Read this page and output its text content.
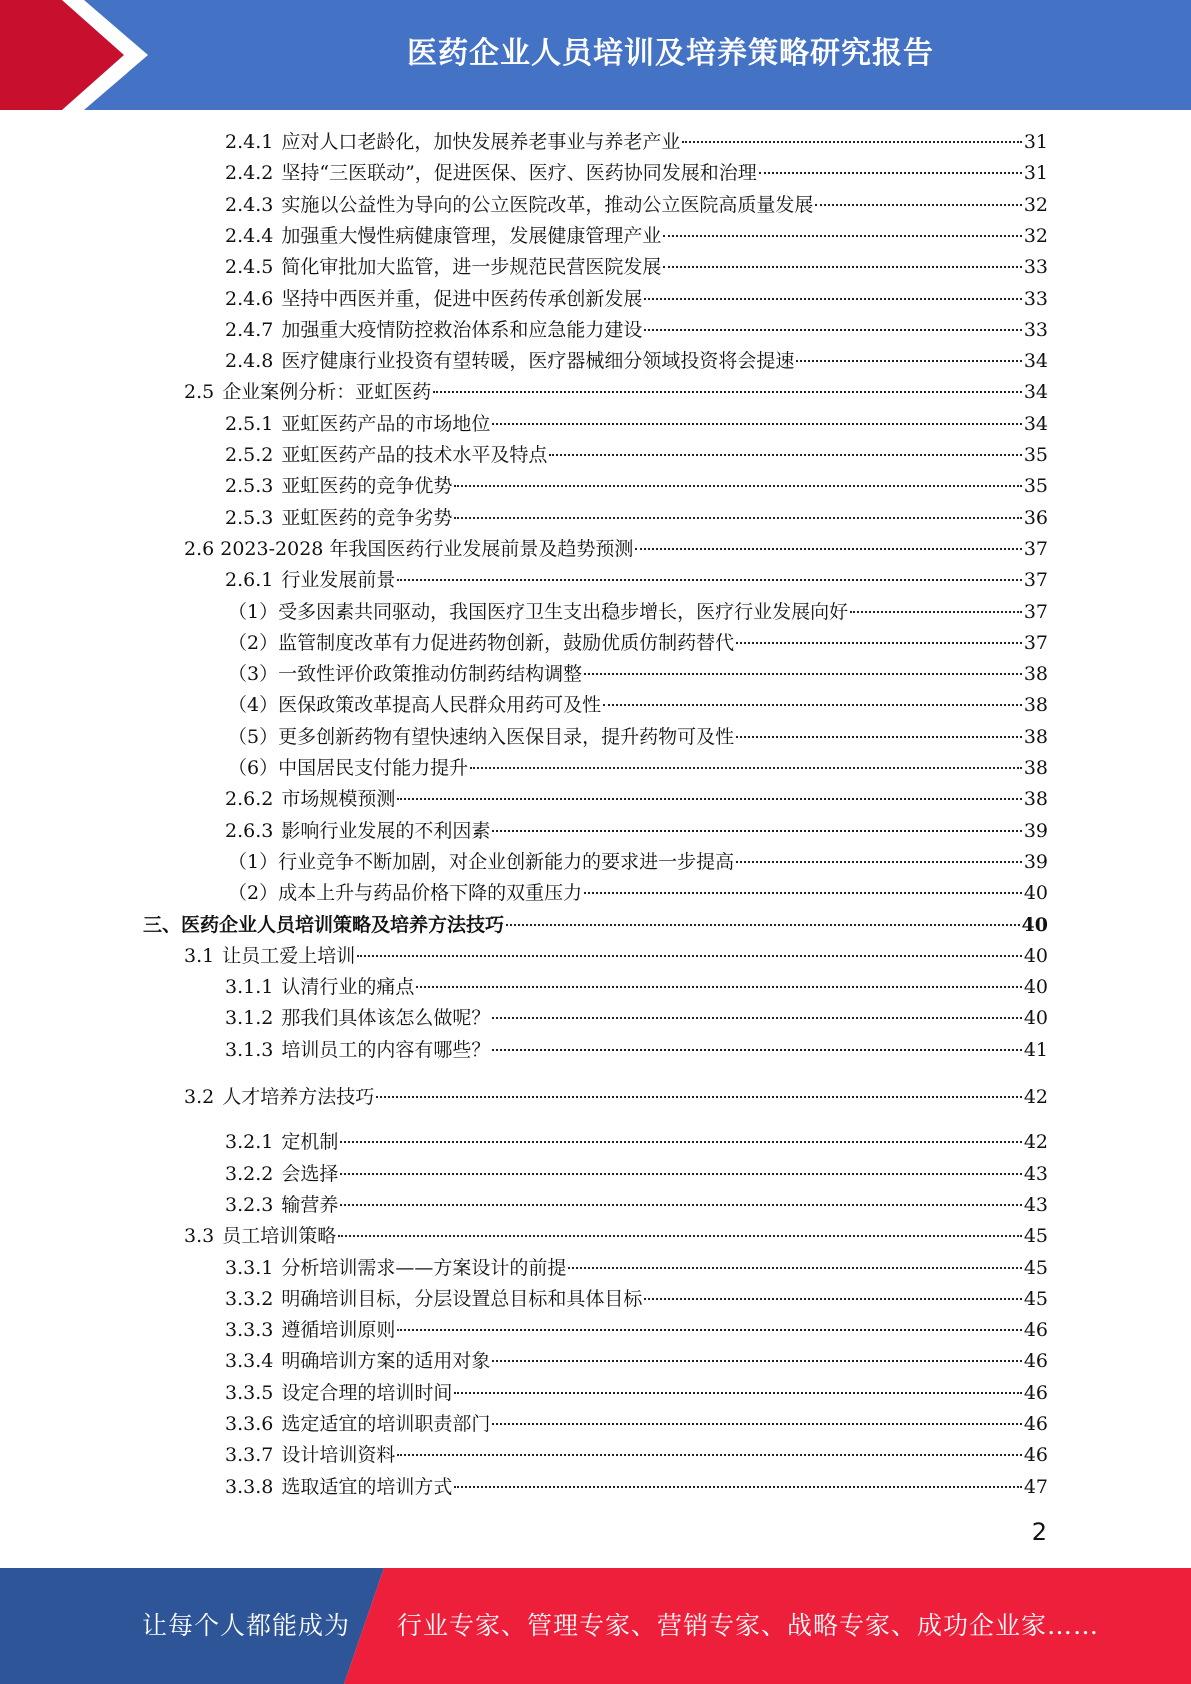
医药企业人员培训及培养策略研究报告
2.4.1 应对人口老龄化，加快发展养老事业与养老产业	31
2.4.2 坚持“三医联动”，促进医保、医疗、医药协同发展和治理	31
2.4.3 实施以公益性为导向的公立医院改革，推动公立医院高质量发展	32
2.4.4 加强重大慢性病健康管理，发展健康管理产业	32
2.4.5 简化审批加大监管，进一步规范民营医院发展	33
2.4.6 坚持中西医并重，促进中医药传承创新发展	33
2.4.7 加强重大疫情防控救治体系和应急能力建设	33
2.4.8 医疗健康行业投资有望转暖，医疗器械细分领域投资将会提速	34
2.5 企业案例分析：亚虹医药	34
2.5.1 亚虹医药产品的市场地位	34
2.5.2 亚虹医药产品的技术水平及特点	35
2.5.3 亚虹医药的竞争优势	35
2.5.3 亚虹医药的竞争劣势	36
2.6 2023-2028 年我国医药行业发展前景及趋势预测	37
2.6.1 行业发展前景	37
（1）受多因素共同驱动，我国医疗卫生支出稳步增长，医疗行业发展向好	37
（2）监管制度改革有力促进药物创新，鼓励优质仿制药替代	37
（3）一致性评价政策推动仿制药结构调整	38
（4）医保政策改革提高人民群众用药可及性	38
（5）更多创新药物有望快速纳入医保目录，提升药物可及性	38
（6）中国居民支付能力提升	38
2.6.2 市场规模预测	38
2.6.3 影响行业发展的不利因素	39
（1）行业竞争不断加剧，对企业创新能力的要求进一步提高	39
（2）成本上升与药品价格下降的双重压力	40
三、医药企业人员培训策略及培养方法技巧	40
3.1 让员工爱上培训	40
3.1.1 认清行业的痛点	40
3.1.2 那我们具体该怎么做呢？	40
3.1.3 培训员工的内容有哪些？	41
3.2 人才培养方法技巧	42
3.2.1 定机制	42
3.2.2 会选择	43
3.2.3 输营养	43
3.3 员工培训策略	45
3.3.1 分析培训需求——方案设计的前提	45
3.3.2 明确培训目标，分层设置总目标和具体目标	45
3.3.3 遵循培训原则	46
3.3.4 明确培训方案的适用对象	46
3.3.5 设定合理的培训时间	46
3.3.6 选定适宜的培训职责部门	46
3.3.7 设计培训资料	46
3.3.8 选取适宜的培训方式	47
2
让每个人都能成为 行业专家、管理专家、营销专家、战略专家、成功企业家……
